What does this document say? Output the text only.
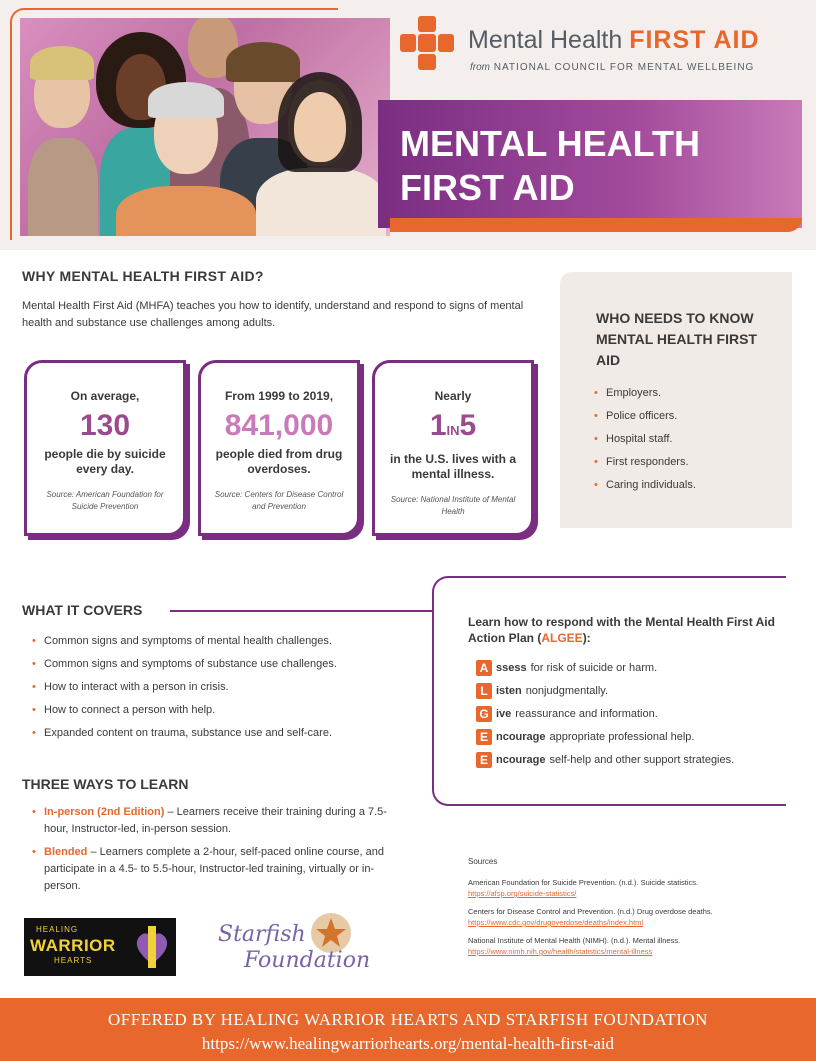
Mental Health FIRST AID
from NATIONAL COUNCIL FOR MENTAL WELLBEING
MENTAL HEALTH FIRST AID
WHY MENTAL HEALTH FIRST AID?
Mental Health First Aid (MHFA) teaches you how to identify, understand and respond to signs of mental health and substance use challenges among adults.
On average,
130
people die by suicide every day.
Source: American Foundation for Suicide Prevention
From 1999 to 2019,
841,000
people died from drug overdoses.
Source: Centers for Disease Control and Prevention
Nearly
1IN5
in the U.S. lives with a mental illness.
Source: National Institute of Mental Health
WHO NEEDS TO KNOW MENTAL HEALTH FIRST AID
• Employers.
• Police officers.
• Hospital staff.
• First responders.
• Caring individuals.
WHAT IT COVERS
• Common signs and symptoms of mental health challenges.
• Common signs and symptoms of substance use challenges.
• How to interact with a person in crisis.
• How to connect a person with help.
• Expanded content on trauma, substance use and self-care.
Learn how to respond with the Mental Health First Aid Action Plan (ALGEE):
A ssess for risk of suicide or harm.
L isten nonjudgmentally.
G ive reassurance and information.
E ncourage appropriate professional help.
E ncourage self-help and other support strategies.
THREE WAYS TO LEARN
• In-person (2nd Edition) – Learners receive their training during a 7.5-hour, Instructor-led, in-person session.
• Blended – Learners complete a 2-hour, self-paced online course, and participate in a 4.5- to 5.5-hour, Instructor-led training, virtually or in-person.
Sources
American Foundation for Suicide Prevention. (n.d.). Suicide statistics.
https://afsp.org/suicide-statistics/
Centers for Disease Control and Prevention. (n.d.) Drug overdose deaths.
https://www.cdc.gov/drugoverdose/deaths/index.html
National Institute of Mental Health (NIMH). (n.d.). Mental illness.
https://www.nimh.nih.gov/health/statistics/mental-illness
HEALING
WARRIOR
HEARTS
Starfish
Foundation
OFFERED BY HEALING WARRIOR HEARTS AND STARFISH FOUNDATION
https://www.healingwarriorhearts.org/mental-health-first-aid
